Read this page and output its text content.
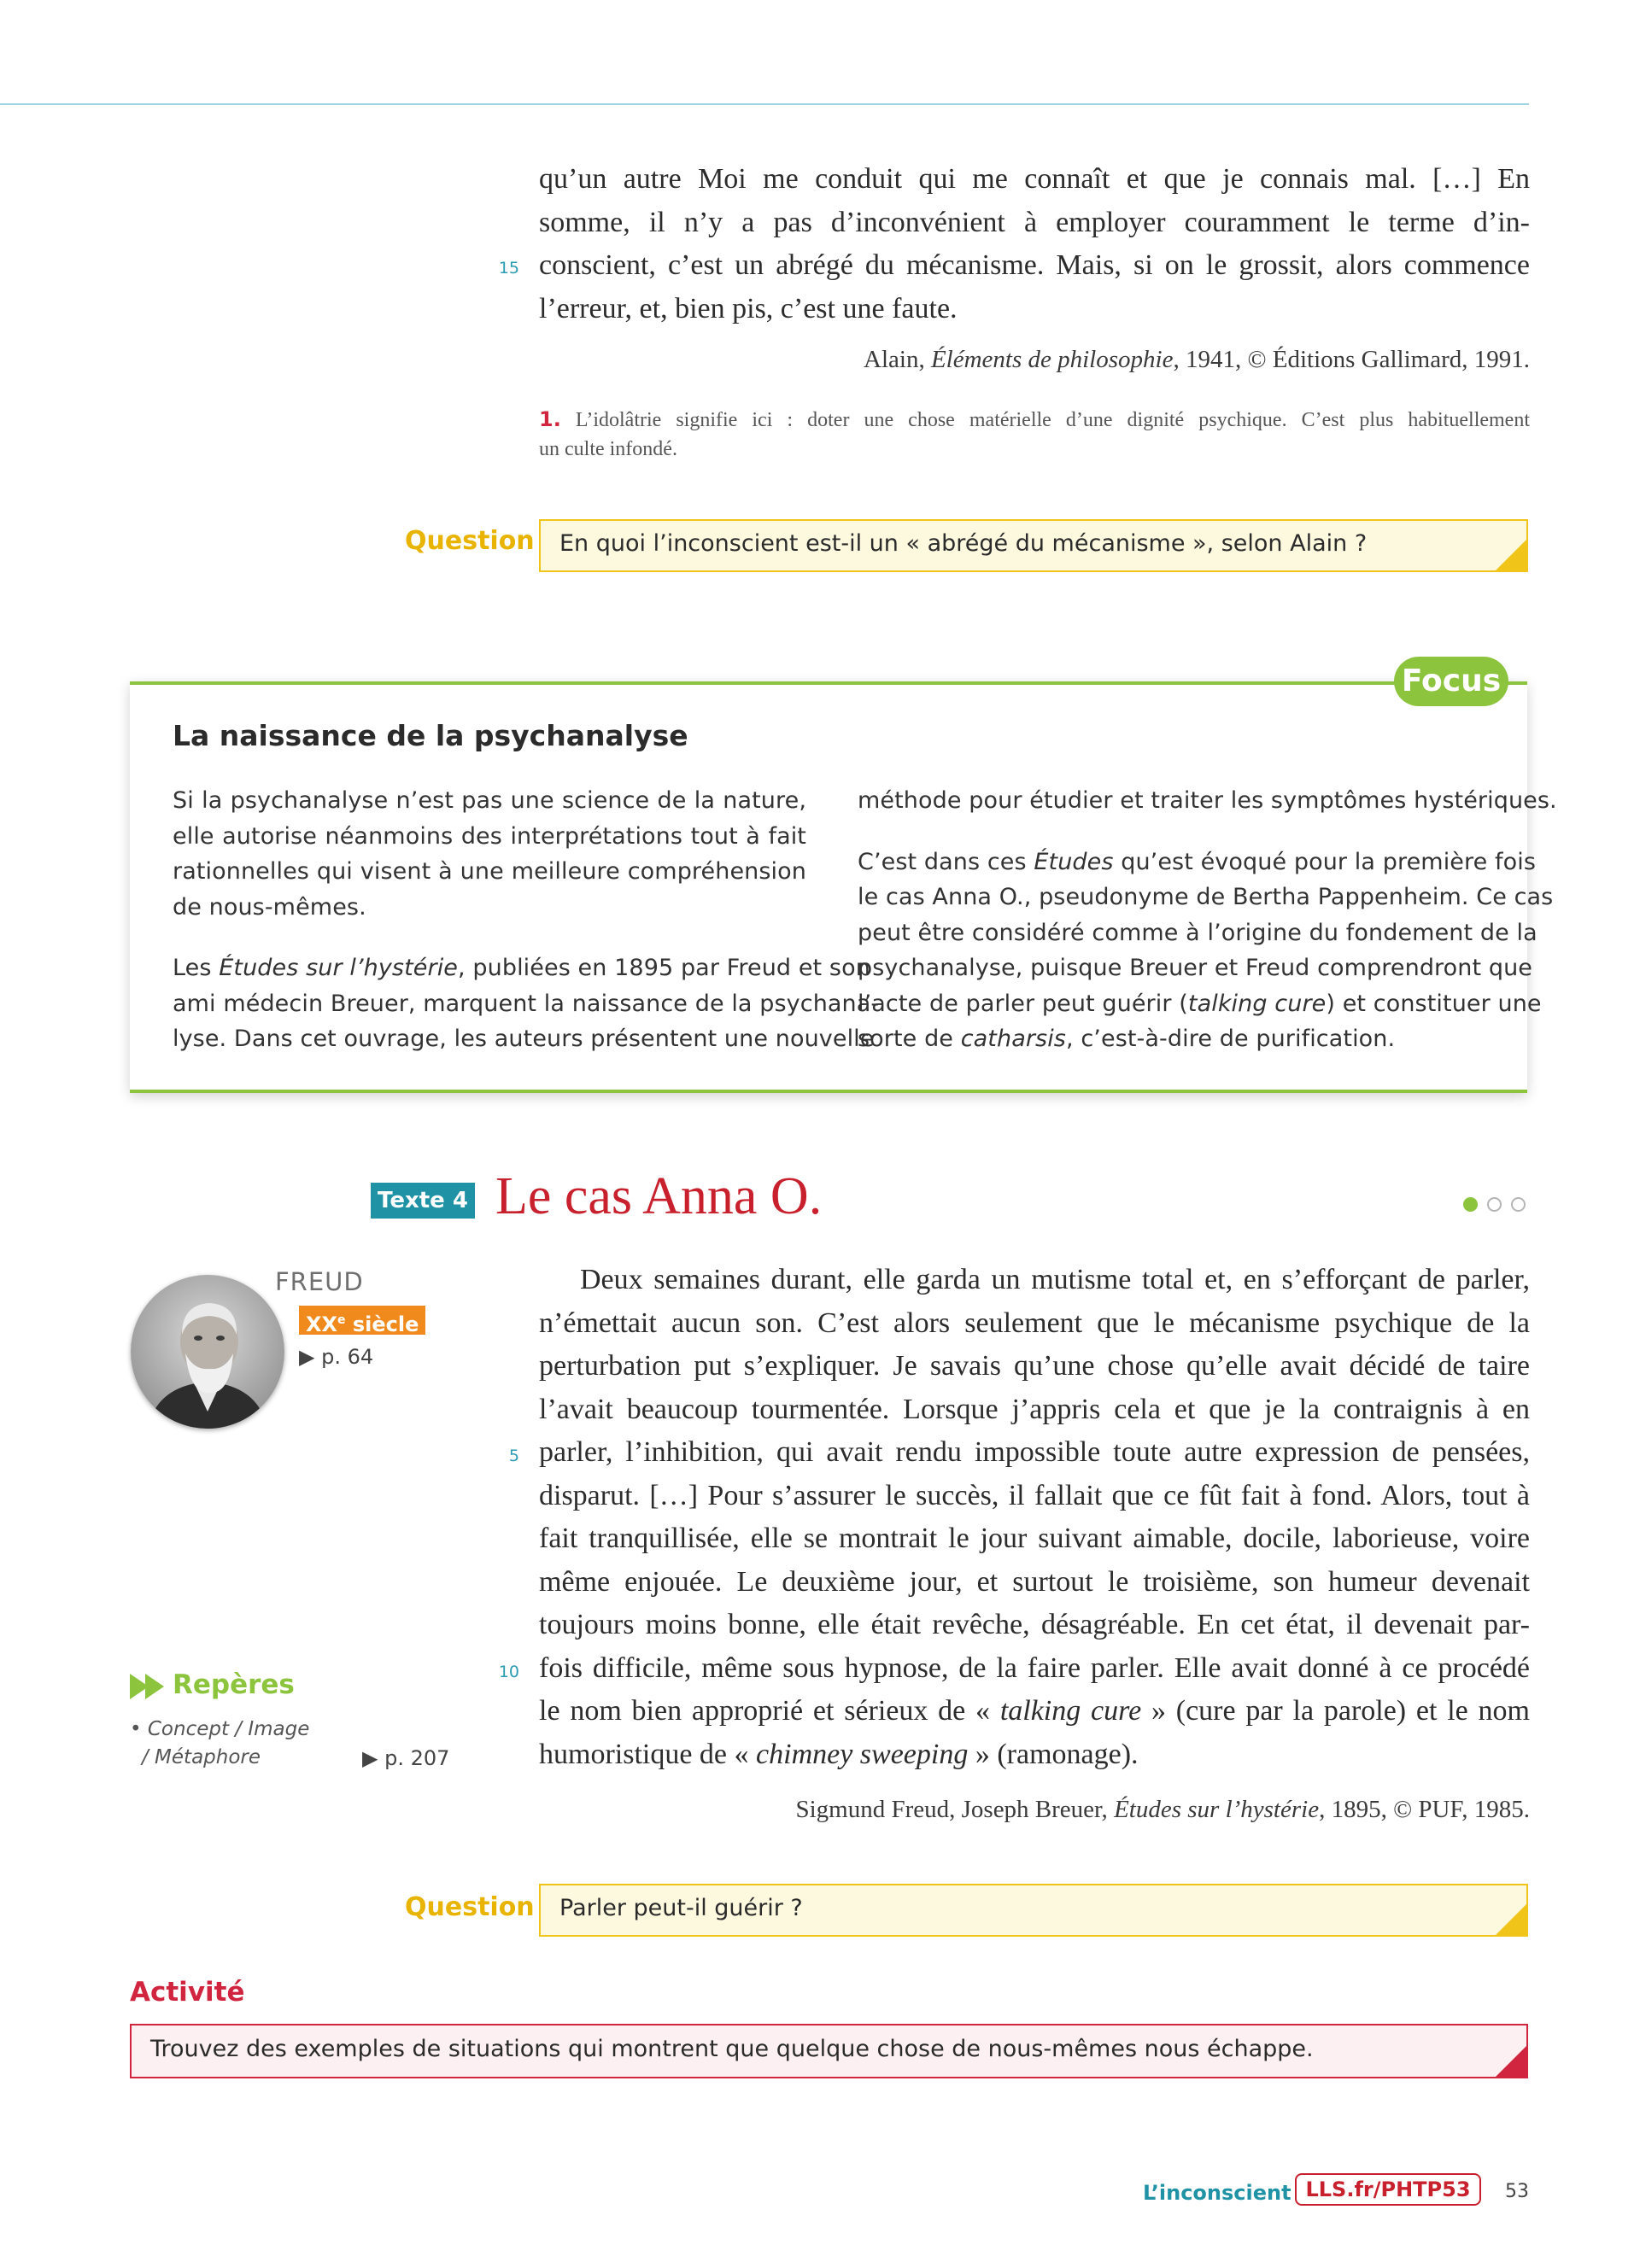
qu’un autre Moi me conduit qui me connaît et que je connais mal. […] En
somme, il n’y a pas d’inconvénient à employer couramment le terme d’in-
conscient, c’est un abrégé du mécanisme. Mais, si on le grossit, alors commence
l’erreur, et, bien pis, c’est une faute.
15
Alain, Éléments de philosophie, 1941, © Éditions Gallimard, 1991.
1. L’idolâtrie signifie ici : doter une chose matérielle d’une dignité psychique. C’est plus habituellement
un culte infondé.
Question En quoi l’inconscient est-il un « abrégé du mécanisme », selon Alain ?
Focus
La naissance de la psychanalyse
Si la psychanalyse n’est pas une science de la nature,
elle autorise néanmoins des interprétations tout à fait
rationnelles qui visent à une meilleure compréhension
de nous-mêmes.
Les Études sur l’hystérie, publiées en 1895 par Freud et son
ami médecin Breuer, marquent la naissance de la psychana-
lyse. Dans cet ouvrage, les auteurs présentent une nouvelle
méthode pour étudier et traiter les symptômes hystériques.
C’est dans ces Études qu’est évoqué pour la première fois
le cas Anna O., pseudonyme de Bertha Pappenheim. Ce cas
peut être considéré comme à l’origine du fondement de la
psychanalyse, puisque Breuer et Freud comprendront que
l’acte de parler peut guérir (talking cure) et constituer une
sorte de catharsis, c’est-à-dire de purification.
Texte 4 Le cas Anna O.
FREUD
XXe siècle
▶ p. 64
Deux semaines durant, elle garda un mutisme total et, en s’efforçant de parler,
n’émettait aucun son. C’est alors seulement que le mécanisme psychique de la
perturbation put s’expliquer. Je savais qu’une chose qu’elle avait décidé de taire
l’avait beaucoup tourmentée. Lorsque j’appris cela et que je la contraignis à en
parler, l’inhibition, qui avait rendu impossible toute autre expression de pensées,
disparut. […] Pour s’assurer le succès, il fallait que ce fût fait à fond. Alors, tout à
fait tranquillisée, elle se montrait le jour suivant aimable, docile, laborieuse, voire
même enjouée. Le deuxième jour, et surtout le troisième, son humeur devenait
toujours moins bonne, elle était revêche, désagréable. En cet état, il devenait par-
fois difficile, même sous hypnose, de la faire parler. Elle avait donné à ce procédé
le nom bien approprié et sérieux de « talking cure » (cure par la parole) et le nom
humoristique de « chimney sweeping » (ramonage).
5
10
Sigmund Freud, Joseph Breuer, Études sur l’hystérie, 1895, © PUF, 1985.
Repères
• Concept / Image
/ Métaphore	▶ p. 207
Question Parler peut-il guérir ?
Activité
Trouvez des exemples de situations qui montrent que quelque chose de nous-mêmes nous échappe.
L’inconscient LLS.fr/PHTP53	53
